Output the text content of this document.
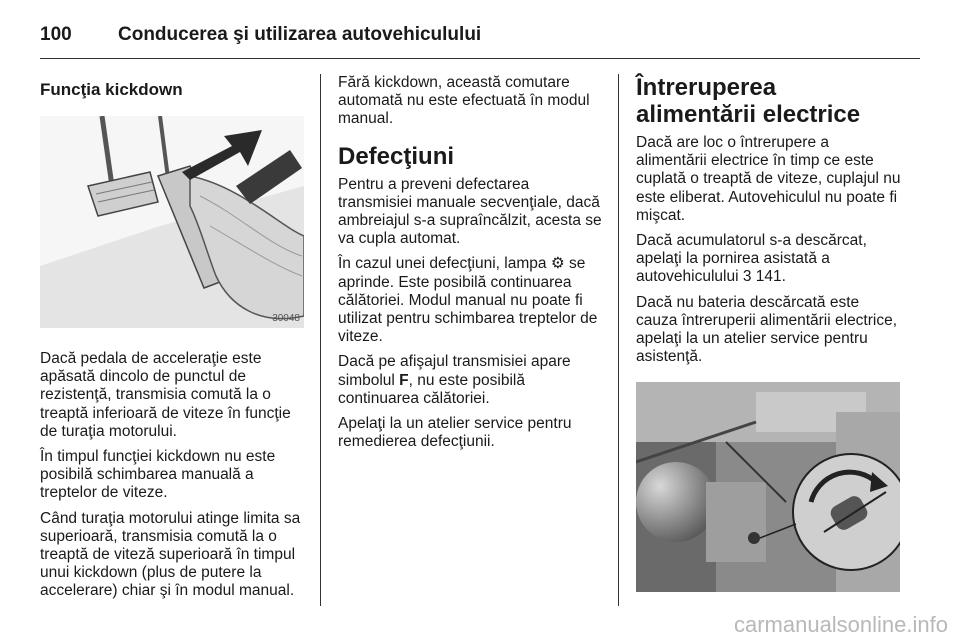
100 Conducerea şi utilizarea autovehiculului
Funcţia kickdown
30048

Dacă pedala de acceleraţie este apăsată dincolo de punctul de rezistenţă, transmisia comută la o treaptă inferioară de viteze în funcţie de turaţia motorului.

În timpul funcţiei kickdown nu este posibilă schimbarea manuală a treptelor de viteze.

Când turaţia motorului atinge limita sa superioară, transmisia comută la o treaptă de viteză superioară în timpul unui kickdown (plus de putere la accelerare) chiar şi în modul manual.

Fără kickdown, această comutare automată nu este efectuată în modul manual.

Defecţiuni

Pentru a preveni defectarea transmisiei manuale secvenţiale, dacă ambreiajul s-a supraîncălzit, acesta se va cupla automat.

În cazul unei defecţiuni, lampa ⚙ se aprinde. Este posibilă continuarea călătoriei. Modul manual nu poate fi utilizat pentru schimbarea treptelor de viteze.

Dacă pe afişajul transmisiei apare simbolul F, nu este posibilă continuarea călătoriei.

Apelaţi la un atelier service pentru remedierea defecţiunii.

Întreruperea alimentării electrice

Dacă are loc o întrerupere a alimentării electrice în timp ce este cuplată o treaptă de viteze, cuplajul nu este eliberat. Autovehiculul nu poate fi mişcat.

Dacă acumulatorul s-a descărcat, apelaţi la pornirea asistată a autovehiculului 3 141.

Dacă nu bateria descărcată este cauza întreruperii alimentării electrice, apelaţi la un atelier service pentru asistenţă.

carmanualsonline.info
